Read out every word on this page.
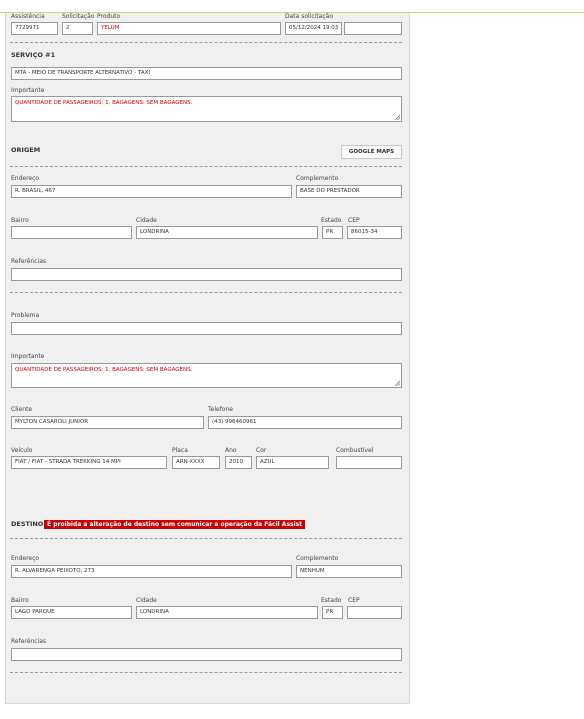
Assistência
7729971
Solicitação
2
Produto
YELUM
Data solicitação
05/12/2024 19:03
SERVIÇO #1
MTA - MEIO DE TRANSPORTE ALTERNATIVO - TAXI
Importante
QUANTIDADE DE PASSAGEIROS: 1, BAGAGENS: SEM BAGAGENS.
ORIGEM	GOOGLE MAPS
Endereço
R. BRASIL, 467
Complemento
BASE DO PRESTADOR
Bairro	Cidade
LONDRINA
Estado
PR
CEP
86015-34
Referências
Problema
Importante
QUANTIDADE DE PASSAGEIROS: 1, BAGAGENS: SEM BAGAGENS.
Cliente
MYLTON CASAROLI JUNIOR
Telefone
(43) 996460961
Veículo
FIAT / FIAT - STRADA TREKKING 14 MPI
Placa
ARN-XXXX
Ano
2010
Cor
AZUL
Combustível
DESTINO É proibida a alteração de destino sem comunicar a operação da Fácil Assist
Endereço
R. ALVARENGA PEIXOTO, 273
Complemento
NENHUM
Bairro
LAGO PARQUE
Cidade
LONDRINA
Estado
PR
CEP
Referências
